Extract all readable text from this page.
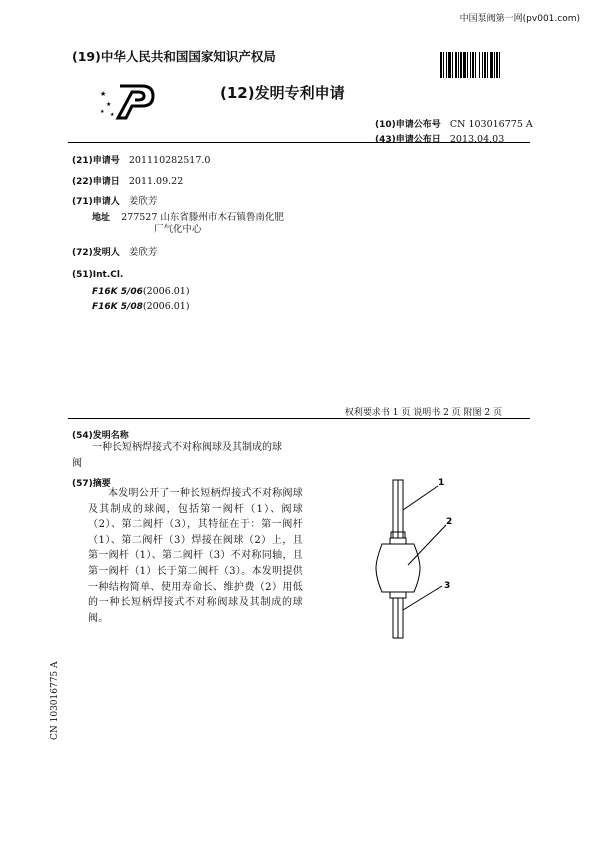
中国泵阀第一网(pv001.com)
(19)中华人民共和国国家知识产权局
★
★
★ ★
(12)发明专利申请
(10)申请公布号 CN 103016775 A
(43)申请公布日 2013.04.03
(21)申请号 201110282517.0
(22)申请日 2011.09.22
(71)申请人 姜欣芳
地址 277527 山东省滕州市木石镇鲁南化肥
厂气化中心
(72)发明人 姜欣芳
(51)Int.Cl.
F16K 5/06(2006.01)
F16K 5/08(2006.01)
权利要求书 1 页 说明书 2 页 附图 2 页
(54)发明名称
一种长短柄焊接式不对称阀球及其制成的球
阀
(57)摘要
本发明公开了一种长短柄焊接式不对称阀球及其制成的球阀，包括第一阀杆（1）、阀球（2）、第二阀杆（3），其特征在于：第一阀杆（1）、第二阀杆（3）焊接在阀球（2）上，且第一阀杆（1）、第二阀杆（3）不对称同轴，且第一阀杆（1）长于第二阀杆（3）。本发明提供一种结构简单、使用寿命长、维护费（2）用低的一种长短柄焊接式不对称阀球及其制成的球阀。
1
2
3
CN 103016775 A
